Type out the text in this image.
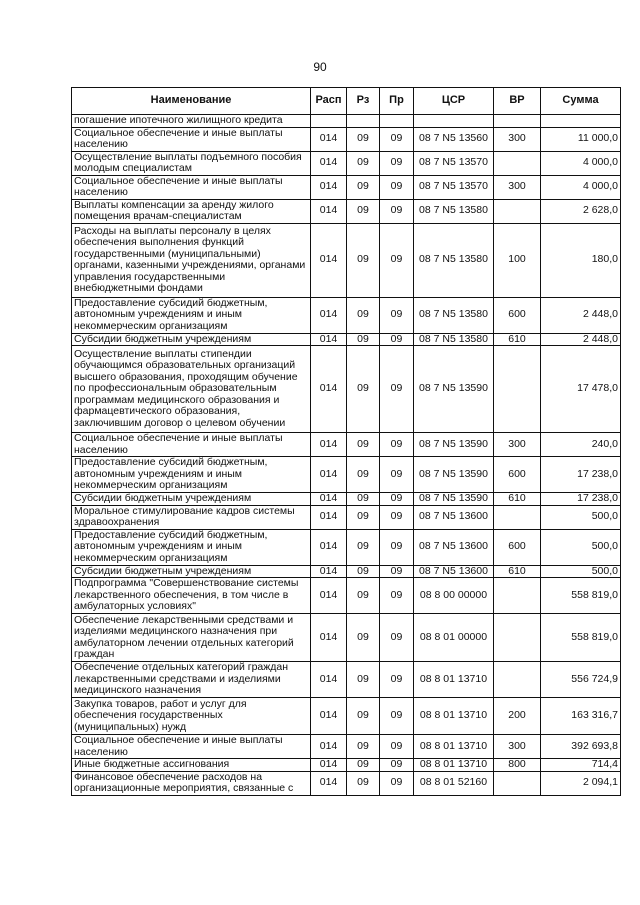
90
Наименование	Расп	Рз	Пр	ЦСР	ВР	Сумма
погашение ипотечного жилищного кредита						
Социальное обеспечение и иные выплаты населению	014	09	09	08 7 N5 13560	300	11 000,0
Осуществление выплаты подъемного пособия молодым специалистам	014	09	09	08 7 N5 13570		4 000,0
Социальное обеспечение и иные выплаты населению	014	09	09	08 7 N5 13570	300	4 000,0
Выплаты компенсации за аренду жилого помещения врачам-специалистам	014	09	09	08 7 N5 13580		2 628,0
Расходы на выплаты персоналу в целях обеспечения выполнения функций государственными (муниципальными) органами, казенными учреждениями, органами управления государственными внебюджетными фондами	014	09	09	08 7 N5 13580	100	180,0
Предоставление субсидий бюджетным, автономным учреждениям и иным некоммерческим организациям	014	09	09	08 7 N5 13580	600	2 448,0
Субсидии бюджетным учреждениям	014	09	09	08 7 N5 13580	610	2 448,0
Осуществление выплаты стипендии обучающимся образовательных организаций высшего образования, проходящим обучение по профессиональным образовательным программам медицинского образования и фармацевтического образования, заключившим договор о целевом обучении	014	09	09	08 7 N5 13590		17 478,0
Социальное обеспечение и иные выплаты населению	014	09	09	08 7 N5 13590	300	240,0
Предоставление субсидий бюджетным, автономным учреждениям и иным некоммерческим организациям	014	09	09	08 7 N5 13590	600	17 238,0
Субсидии бюджетным учреждениям	014	09	09	08 7 N5 13590	610	17 238,0
Моральное стимулирование кадров системы здравоохранения	014	09	09	08 7 N5 13600		500,0
Предоставление субсидий бюджетным, автономным учреждениям и иным некоммерческим организациям	014	09	09	08 7 N5 13600	600	500,0
Субсидии бюджетным учреждениям	014	09	09	08 7 N5 13600	610	500,0
Подпрограмма "Совершенствование системы лекарственного обеспечения, в том числе в амбулаторных условиях"	014	09	09	08 8 00 00000		558 819,0
Обеспечение лекарственными средствами и изделиями медицинского назначения при амбулаторном лечении отдельных категорий граждан	014	09	09	08 8 01 00000		558 819,0
Обеспечение отдельных категорий граждан лекарственными средствами и изделиями медицинского назначения	014	09	09	08 8 01 13710		556 724,9
Закупка товаров, работ и услуг для обеспечения государственных (муниципальных) нужд	014	09	09	08 8 01 13710	200	163 316,7
Социальное обеспечение и иные выплаты населению	014	09	09	08 8 01 13710	300	392 693,8
Иные бюджетные ассигнования	014	09	09	08 8 01 13710	800	714,4
Финансовое обеспечение расходов на организационные мероприятия, связанные с	014	09	09	08 8 01 52160		2 094,1
